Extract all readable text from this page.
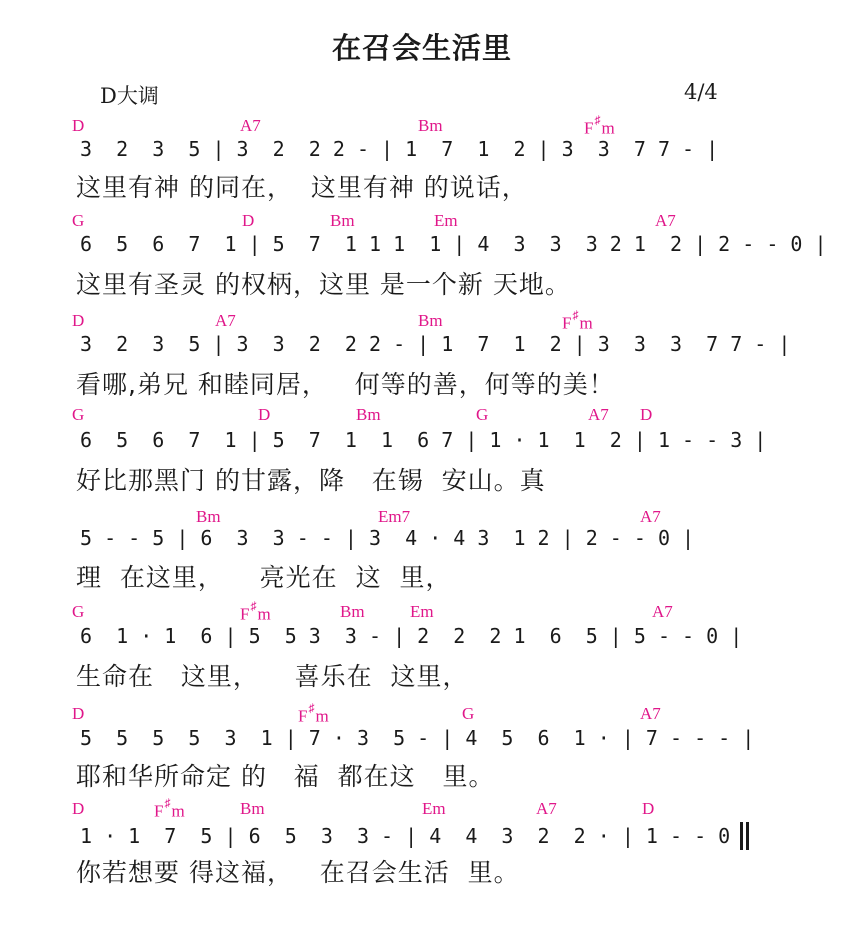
在召会生活里
D大调	4/4
D	A7	Bm	F♯m
3  2  3  5 | 3  2  2 2 - | 1  7  1  2 | 3  3  7 7 - |
这里有神 的同在，  这里有神 的说话，
G	D	Bm	Em	A7
6  5  6  7  1 | 5  7  1 1 1  1 | 4  3  3  3 2 1  2 | 2 - - 0 |
这里有圣灵 的权柄，这里 是一个新 天地。
D	A7	Bm	F♯m
3  2  3  5 | 3  3  2  2 2 - | 1  7  1  2 | 3  3  3  7 7 - |
看哪,弟兄 和睦同居，   何等的善，何等的美！
G	D	Bm	G	A7 D
6  5  6  7  1 | 5  7  1  1  6 7 | 1 · 1  1  2 | 1 - - 3 |
好比那黑门 的甘露，降   在锡  安山。真
Bm	Em7	A7
5 - - 5 | 6  3  3 - - | 3  4 · 4 3  1 2 | 2 - - 0 |
理  在这里，    亮光在  这  里，
G	F♯m	Bm	Em	A7
6  1 · 1  6 | 5  5 3  3 - | 2  2  2 1  6  5 | 5 - - 0 |
生命在   这里，    喜乐在  这里，
D	F♯m	G	A7
5  5  5  5  3  1 | 7 · 3  5 - | 4  5  6  1 · | 7 - - - |
耶和华所命定 的   福  都在这   里。
D	F♯m	Bm	Em	A7	D
1 · 1  7  5 | 6  5  3  3 - | 4  4  3  2  2 · | 1 - - 0
你若想要 得这福，   在召会生活  里。
